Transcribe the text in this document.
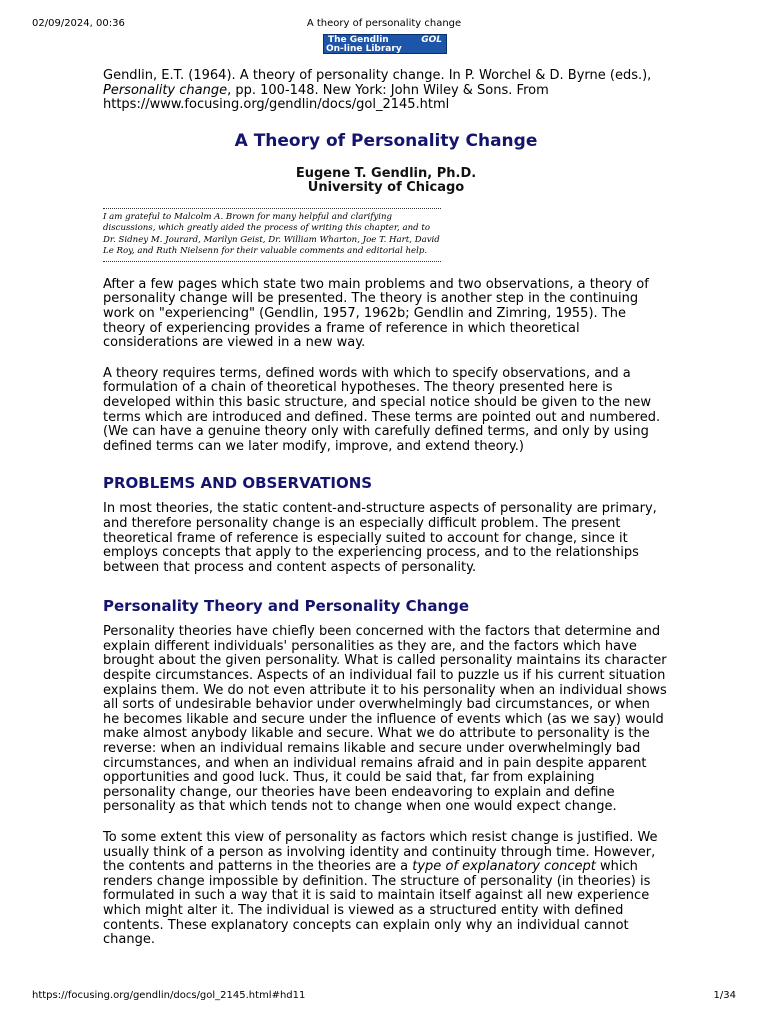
02/09/2024, 00:36	A theory of personality change
The Gendlin	GOL
On-line Library

Gendlin, E.T. (1964). A theory of personality change. In P. Worchel & D. Byrne (eds.), Personality change, pp. 100-148. New York: John Wiley & Sons. From https://www.focusing.org/gendlin/docs/gol_2145.html

A Theory of Personality Change
Eugene T. Gendlin, Ph.D.
University of Chicago
I am grateful to Malcolm A. Brown for many helpful and clarifying discussions, which greatly aided the process of writing this chapter, and to Dr. Sidney M. Jourard, Marilyn Geist, Dr. William Wharton, Joe T. Hart, David Le Roy, and Ruth Nielsenn for their valuable comments and editorial help.

After a few pages which state two main problems and two observations, a theory of personality change will be presented. The theory is another step in the continuing work on "experiencing" (Gendlin, 1957, 1962b; Gendlin and Zimring, 1955). The theory of experiencing provides a frame of reference in which theoretical considerations are viewed in a new way.

A theory requires terms, defined words with which to specify observations, and a formulation of a chain of theoretical hypotheses. The theory presented here is developed within this basic structure, and special notice should be given to the new terms which are introduced and defined. These terms are pointed out and numbered. (We can have a genuine theory only with carefully defined terms, and only by using defined terms can we later modify, improve, and extend theory.)

PROBLEMS AND OBSERVATIONS

In most theories, the static content-and-structure aspects of personality are primary, and therefore personality change is an especially difficult problem. The present theoretical frame of reference is especially suited to account for change, since it employs concepts that apply to the experiencing process, and to the relationships between that process and content aspects of personality.

Personality Theory and Personality Change

Personality theories have chiefly been concerned with the factors that determine and explain different individuals' personalities as they are, and the factors which have brought about the given personality. What is called personality maintains its character despite circumstances. Aspects of an individual fail to puzzle us if his current situation explains them. We do not even attribute it to his personality when an individual shows all sorts of undesirable behavior under overwhelmingly bad circumstances, or when he becomes likable and secure under the influence of events which (as we say) would make almost anybody likable and secure. What we do attribute to personality is the reverse: when an individual remains likable and secure under overwhelmingly bad circumstances, and when an individual remains afraid and in pain despite apparent opportunities and good luck. Thus, it could be said that, far from explaining personality change, our theories have been endeavoring to explain and define personality as that which tends not to change when one would expect change.

To some extent this view of personality as factors which resist change is justified. We usually think of a person as involving identity and continuity through time. However, the contents and patterns in the theories are a type of explanatory concept which renders change impossible by definition. The structure of personality (in theories) is formulated in such a way that it is said to maintain itself against all new experience which might alter it. The individual is viewed as a structured entity with defined contents. These explanatory concepts can explain only why an individual cannot change.

https://focusing.org/gendlin/docs/gol_2145.html#hd11	1/34
